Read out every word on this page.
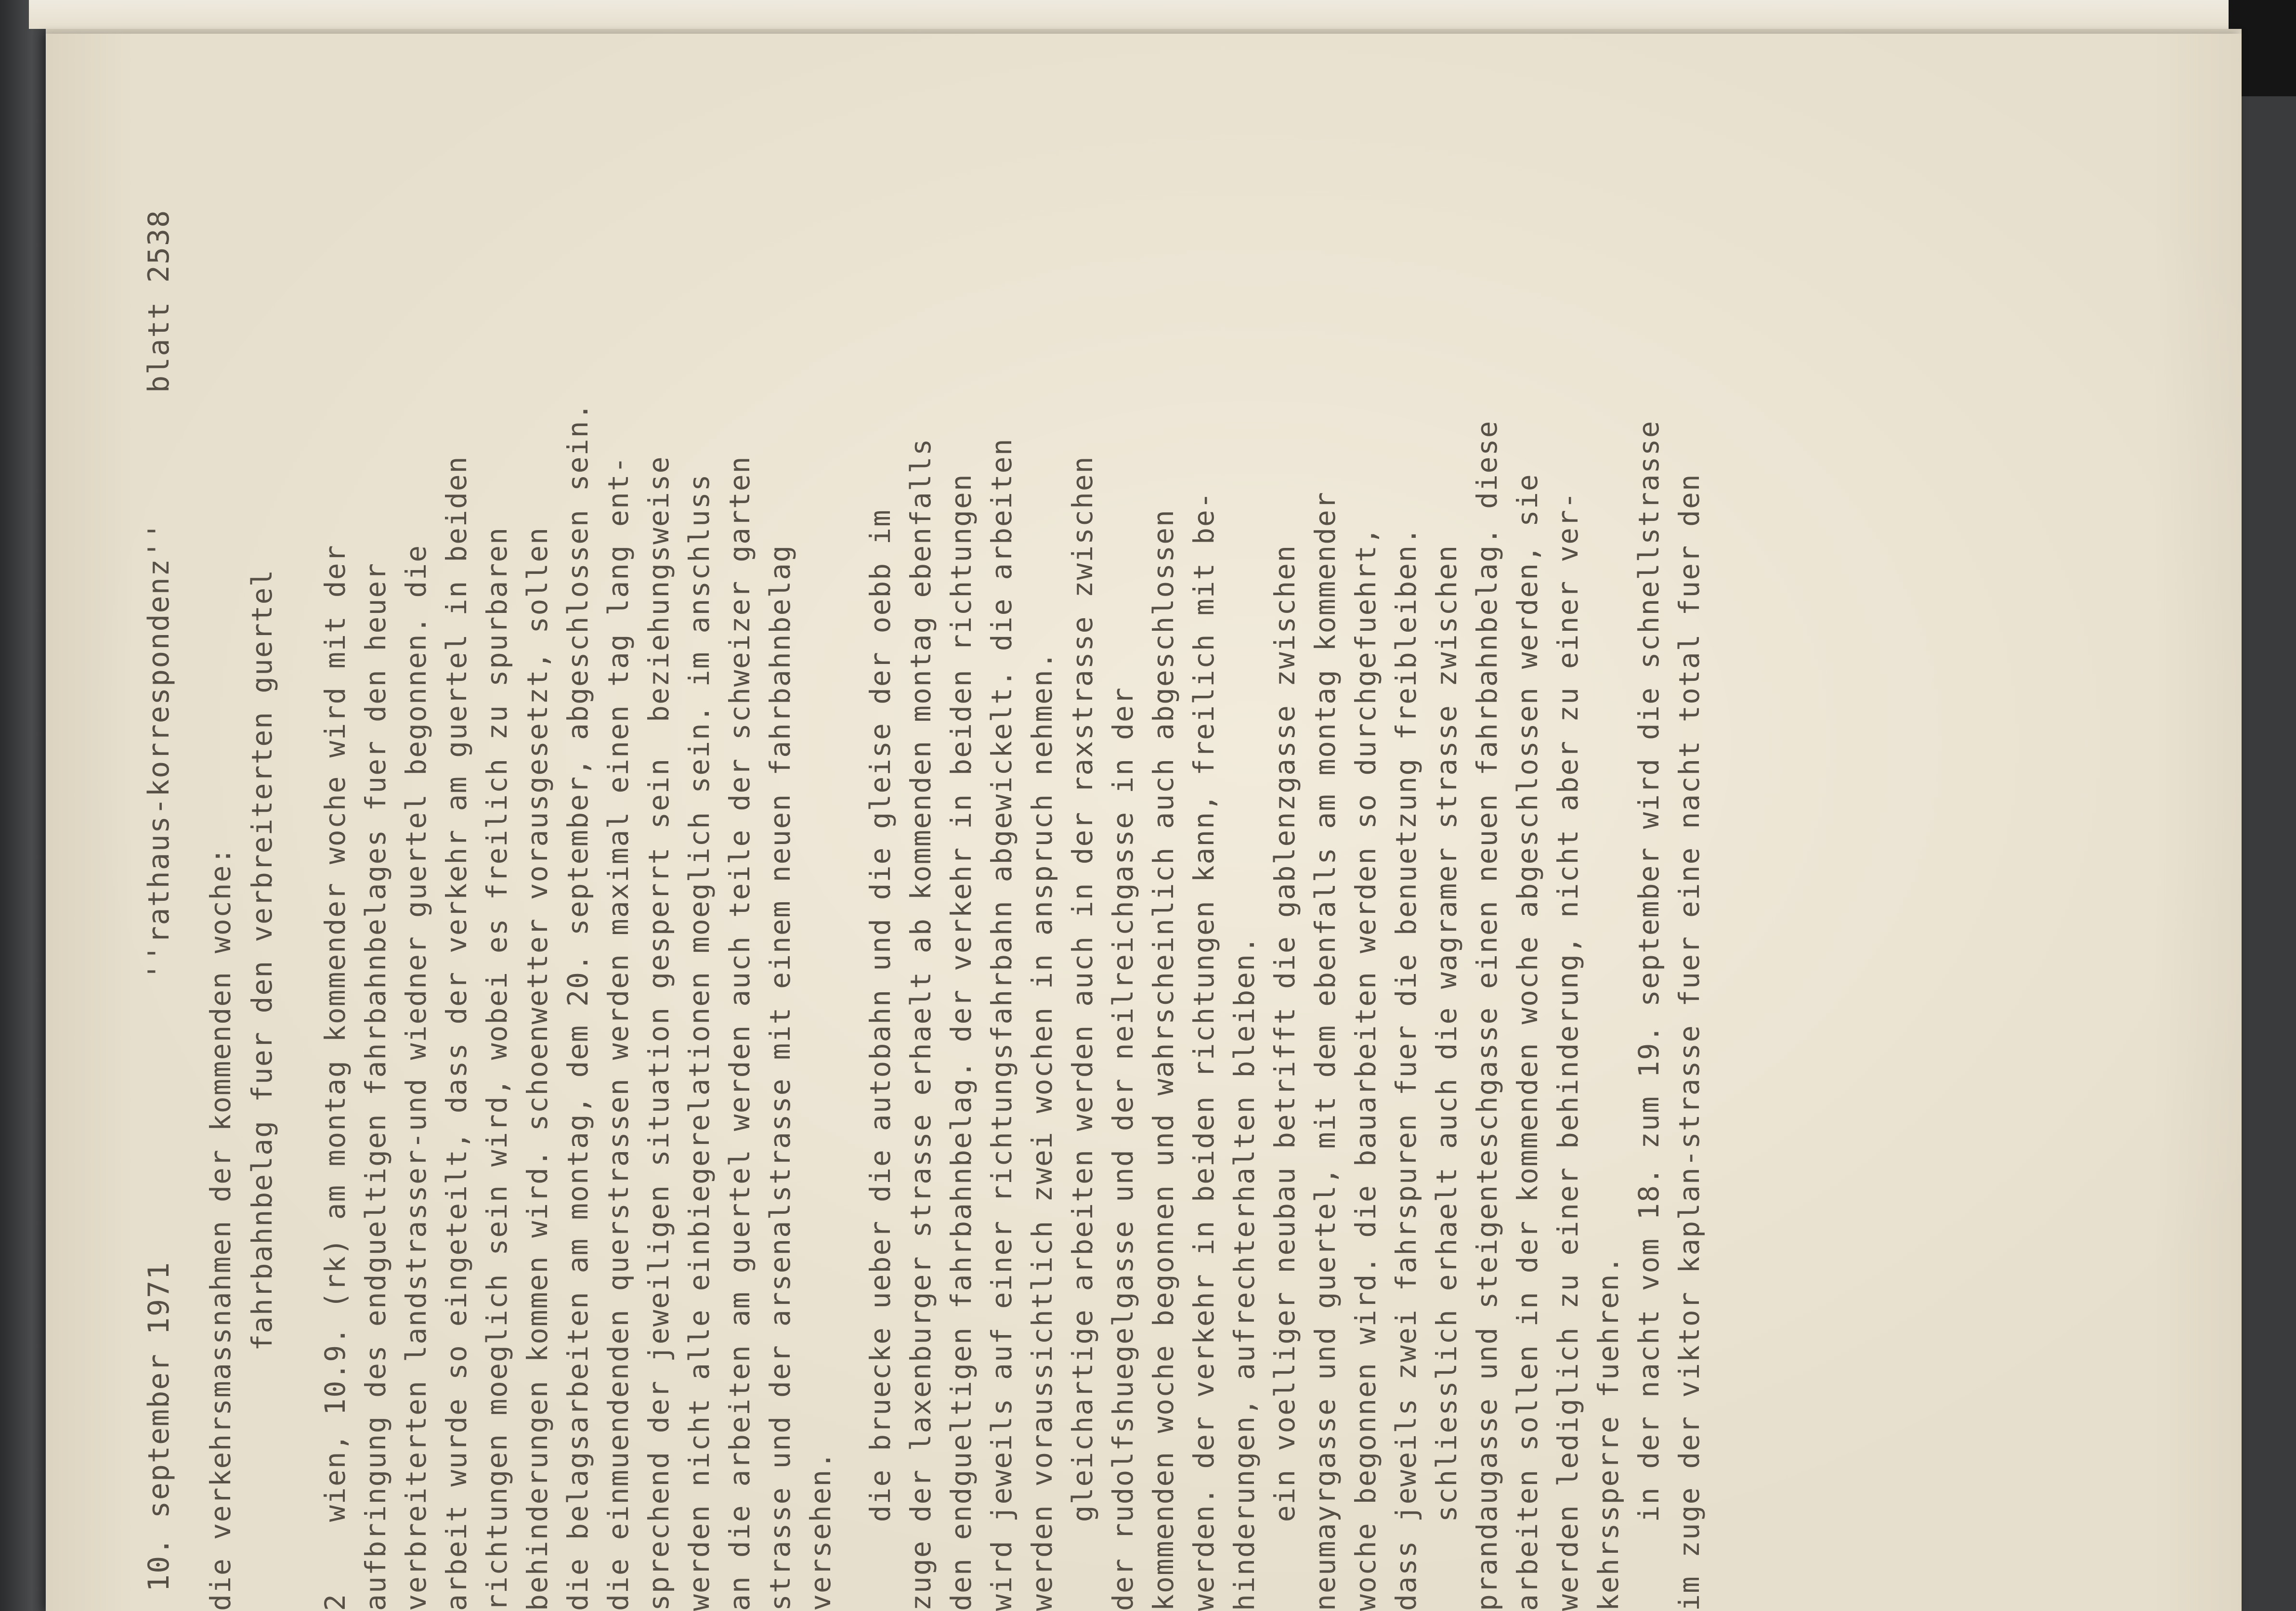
10. september 1971
''rathaus-korrespondenz''
blatt 2538
die verkehrsmassnahmen der kommenden woche: fahrbahnbelag fuer den verbreiterten guertel
2
wien, 10.9. (rk) am montag kommender woche wird mit der aufbringung des endgueltigen fahrbahnbelages fuer den heuer verbreiterten landstrasser-und wiedner guertel begonnen. die arbeit wurde so eingeteilt, dass der verkehr am guertel in beiden richtungen moeglich sein wird, wobei es freilich zu spurbaren behinderungen kommen wird. schoenwetter vorausgesetzt, sollen die belagsarbeiten am montag, dem 20. september, abgeschlossen sein. die einmuendenden querstrassen werden maximal einen tag lang ent- sprechend der jeweiligen situation gesperrt sein  beziehungsweise werden nicht alle einbiegerelationen moeglich sein. im anschluss an die arbeiten am guertel werden auch teile der schweizer garten strasse und der arsenalstrasse mit einem neuen fahrbahnbelag versehen. die bruecke ueber die autobahn und die gleise der oebb im zuge der laxenburger strasse erhaelt ab kommenden montag ebenfalls den endgueltigen fahrbahnbelag. der verkehr in beiden richtungen wird jeweils auf einer richtungsfahrbahn abgewickelt. die arbeiten werden voraussichtlich zwei wochen in anspruch nehmen. gleichartige arbeiten werden auch in der raxstrasse zwischen der rudolfshuegelgasse und der neilreichgasse in der kommenden woche begonnen und wahrscheinlich auch abgeschlossen werden. der verkehr in beiden richtungen kann, freilich mit be- hinderungen, aufrechterhalten bleiben. ein voelliger neubau betrifft die gablenzgasse zwischen neumayrgasse und guertel, mit dem ebenfalls am montag kommender woche begonnen wird. die bauarbeiten werden so durchgefuehrt, dass jeweils zwei fahrspuren fuer die benuetzung freibleiben. schliesslich erhaelt auch die wagramer strasse zwischen prandaugasse und steigenteschgasse einen neuen fahrbahnbelag. diese arbeiten sollen in der kommenden woche abgeschlossen werden, sie werden lediglich zu einer behinderung, nicht aber zu einer ver- kehrssperre fuehren. in der nacht vom 18. zum 19. september wird die schnellstrasse im zuge der viktor kaplan-strasse fuer eine nacht total fuer den
